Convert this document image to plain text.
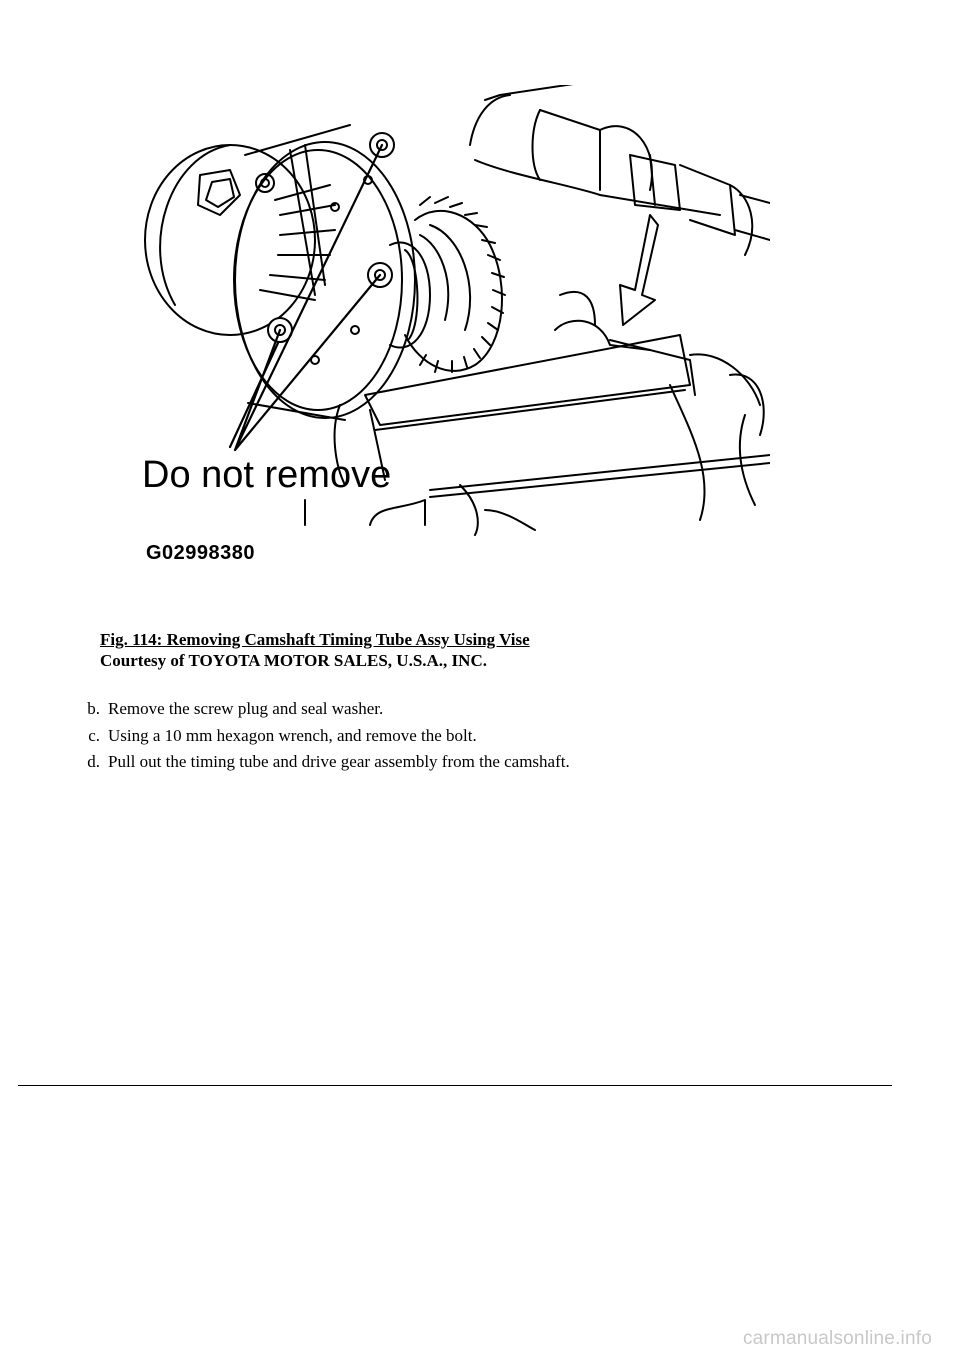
Do not remove
G02998380
Fig. 114: Removing Camshaft Timing Tube Assy Using Vise
Courtesy of TOYOTA MOTOR SALES, U.S.A., INC.
b. Remove the screw plug and seal washer.
c. Using a 10 mm hexagon wrench, and remove the bolt.
d. Pull out the timing tube and drive gear assembly from the camshaft.
carmanualsonline.info
